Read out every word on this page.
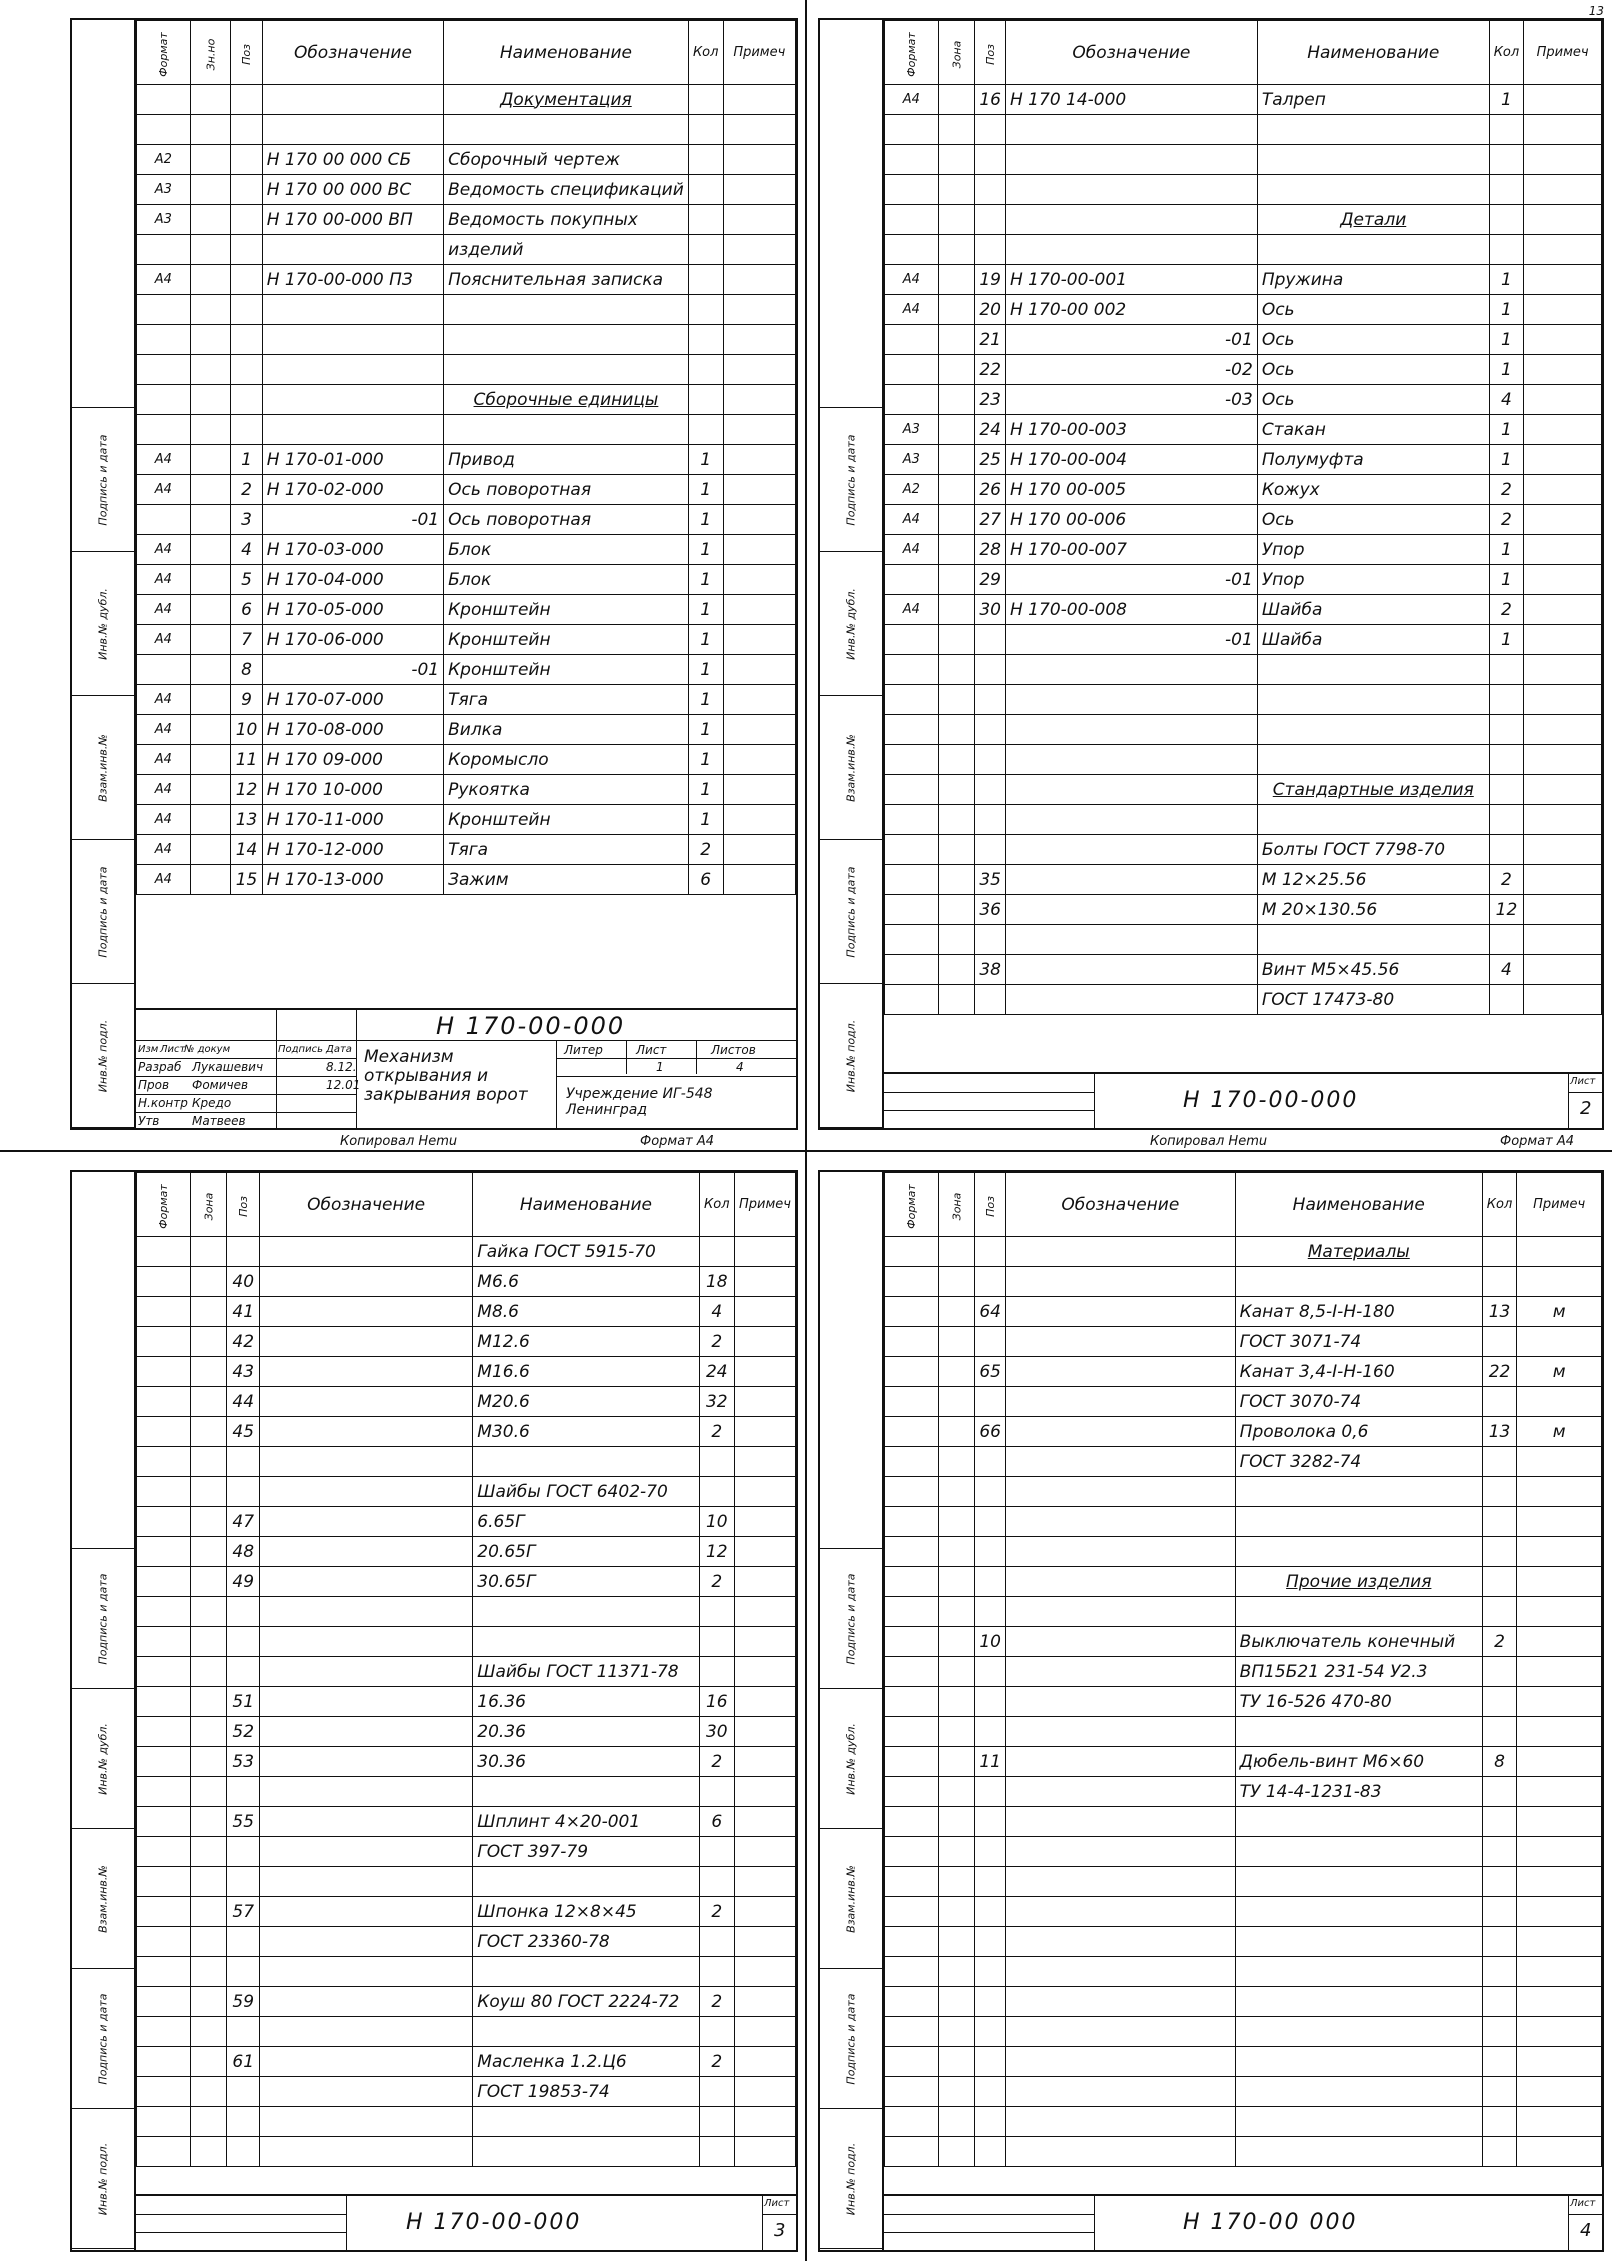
13
Подпись и дата
Инв.№ дубл.
Взам.инв.№
Подпись и дата
Инв.№ подл.
Формат	Зн.но	Поз	Обозначение	Наименование	Кол	Примеч
				Документация		

А2			Н 170 00 000 СБ	Сборочный чертеж		
А3			Н 170 00 000 ВС	Ведомость спецификаций		
А3			Н 170 00-000 ВП	Ведомость покупных		
				изделий		
А4			Н 170-00-000 ПЗ	Пояснительная записка		

				Сборочные единицы		

А4		1	Н 170-01-000	Привод	1	
А4		2	Н 170-02-000	Ось поворотная	1	
		3	-01	Ось поворотная	1	
А4		4	Н 170-03-000	Блок	1	
А4		5	Н 170-04-000	Блок	1	
А4		6	Н 170-05-000	Кронштейн	1	
А4		7	Н 170-06-000	Кронштейн	1	
		8	-01	Кронштейн	1	
А4		9	Н 170-07-000	Тяга	1	
А4		10	Н 170-08-000	Вилка	1	
А4		11	Н 170 09-000	Коромысло	1	
А4		12	Н 170 10-000	Рукоятка	1	
А4		13	Н 170-11-000	Кронштейн	1	
А4		14	Н 170-12-000	Тяга	2	
А4		15	Н 170-13-000	Зажим	6	
Н 170-00-000
Механизм открывания и закрывания ворот	Учреждение ИГ-548 Ленинград
Литер	Лист	Листов
1	4
Изм Лист
№ докум	Подпись Дата
Разраб Лукашевич	8.12.
Пров Фомичев	12.01
Н.контр Кредо
Утв	Матвеев
Подпись и дата
Инв.№ дубл.
Взам.инв.№
Подпись и дата
Инв.№ подл.
Формат	Зона	Поз	Обозначение	Наименование	Кол	Примеч
А4		16	Н 170 14-000	Талреп	1	

				Детали		

А4		19	Н 170-00-001	Пружина	1	
А4		20	Н 170-00 002	Ось	1	
		21	-01	Ось	1	
		22	-02	Ось	1	
		23	-03	Ось	4	
А3		24	Н 170-00-003	Стакан	1	
А3		25	Н 170-00-004	Полумуфта	1	
А2		26	Н 170 00-005	Кожух	2	
А4		27	Н 170 00-006	Ось	2	
А4		28	Н 170-00-007	Упор	1	
		29	-01	Упор	1	
А4		30	Н 170-00-008	Шайба	2	
			-01	Шайба	1	

				Стандартные изделия		

				Болты ГОСТ 7798-70		
		35		М 12×25.56	2	
		36		М 20×130.56	12	

		38		Винт М5×45.56	4	
				ГОСТ 17473-80		
Н 170-00-000
Лист
2
Подпись и дата
Инв.№ дубл.
Взам.инв.№
Подпись и дата
Инв.№ подл.
Формат	Зона	Поз	Обозначение	Наименование	Кол	Примеч
				Гайка ГОСТ 5915-70		
		40		М6.6	18	
		41		М8.6	4	
		42		М12.6	2	
		43		М16.6	24	
		44		М20.6	32	
		45		М30.6	2	

				Шайбы ГОСТ 6402-70		
		47		6.65Г	10	
		48		20.65Г	12	
		49		30.65Г	2	

				Шайбы ГОСТ 11371-78		
		51		16.36	16	
		52		20.36	30	
		53		30.36	2	

		55		Шплинт 4×20-001	6	
				ГОСТ 397-79		

		57		Шпонка 12×8×45	2	
				ГОСТ 23360-78		

		59		Коуш 80 ГОСТ 2224-72	2	

		61		Масленка 1.2.Ц6	2	
				ГОСТ 19853-74		

Н 170-00-000
Лист
3
Подпись и дата
Инв.№ дубл.
Взам.инв.№
Подпись и дата
Инв.№ подл.
Формат	Зона	Поз	Обозначение	Наименование	Кол	Примеч
				Материалы		

		64		Канат 8,5-I-Н-180	13	м
				ГОСТ 3071-74		
		65		Канат 3,4-I-Н-160	22	м
				ГОСТ 3070-74		
		66		Проволока 0,6	13	м
				ГОСТ 3282-74		

				Прочие изделия		

		10		Выключатель конечный	2	
				ВП15Б21 231-54 У2.3		
				ТУ 16-526 470-80		

		11		Дюбель-винт М6×60	8	
				ТУ 14-4-1231-83		

Н 170-00 000
Лист
4
Копировал Hemu	Формат А4	Копировал Hemu	Формат А4
